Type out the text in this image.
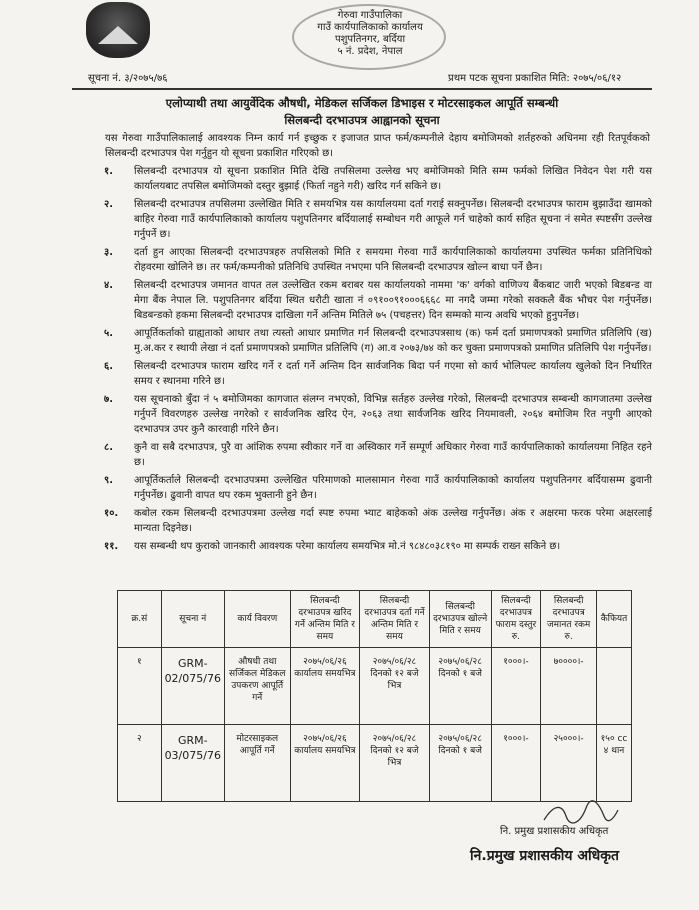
गेरुवा गाउँपालिका
गाउँ कार्यपालिकाको कार्यालय
पशुपतिनगर, बर्दिया
५ नं. प्रदेश, नेपाल
सूचना नं. ३/२०७५/७६	प्रथम पटक सूचना प्रकाशित मिति: २०७५/०६/१२
एलोप्याथी तथा आयुर्वेदिक औषधी, मेडिकल सर्जिकल डिभाइस र मोटरसाइकल आपूर्ति सम्बन्धी
सिलबन्दी दरभाउपत्र आह्वानको सूचना
यस गेरुवा गाउँपालिकालाई आवश्यक निम्न कार्य गर्न इच्छुक र इजाजत प्राप्त फर्म/कम्पनीले देहाय बमोजिमको शर्तहरुको अधिनमा रही रितपूर्वकको सिलबन्दी दरभाउपत्र पेश गर्नुहुन यो सूचना प्रकाशित गरिएको छ।
१.	सिलबन्दी दरभाउपत्र यो सूचना प्रकाशित मिति देखि तपसिलमा उल्लेख भए बमोजिमको मिति सम्म फर्मको लिखित निवेदन पेश गरी यस कार्यालयबाट तपसिल बमोजिमको दस्तुर बुझाई (फिर्ता नहुने गरी) खरिद गर्न सकिने छ।
२.	सिलबन्दी दरभाउपत्र तपसिलमा उल्लेखित मिति र समयभित्र यस कार्यालयमा दर्ता गराई सक्नुपर्नेछ। सिलबन्दी दरभाउपत्र फाराम बुझाउँदा खामको बाहिर गेरुवा गाउँ कार्यपालिकाको कार्यालय पशुपतिनगर बर्दियालाई सम्बोधन गरी आफूले गर्न चाहेको कार्य सहित सूचना नं समेत स्पष्टसँग उल्लेख गर्नुपर्ने छ।
३.	दर्ता हुन आएका सिलबन्दी दरभाउपत्रहरु तपसिलको मिति र समयमा गेरुवा गाउँ कार्यपालिकाको कार्यालयमा उपस्थित फर्मका प्रतिनिधिको रोहवरमा खोलिने छ। तर फर्म/कम्पनीको प्रतिनिधि उपस्थित नभएमा पनि सिलबन्दी दरभाउपत्र खोल्न बाधा पर्ने छैन।
४.	सिलबन्दी दरभाउपत्र जमानत वापत तल उल्लेखित रकम बराबर यस कार्यालयको नाममा 'क' वर्गको वाणिज्य बैंकबाट जारी भएको बिडबन्ड वा मेगा बैंक नेपाल लि. पशुपतिनगर बर्दिया स्थित धरौटी खाता नं ०९१००९१०००६६६८ मा नगदै जम्मा गरेको सक्कलै बैंक भौचर पेश गर्नुपर्नेछ। बिडबन्डको हकमा सिलबन्दी दरभाउपत्र दाखिला गर्ने अन्तिम मितिले ७५ (पचहत्तर) दिन सम्मको मान्य अवधि भएको हुनुपर्नेछ।
५.	आपूर्तिकर्ताको ग्राह्यताको आधार तथा त्यस्तो आधार प्रमाणित गर्न सिलबन्दी दरभाउपत्रसाथ (क) फर्म दर्ता प्रमाणपत्रको प्रमाणित प्रतिलिपि (ख) मु.अ.कर र स्थायी लेखा नं दर्ता प्रमाणपत्रको प्रमाणित प्रतिलिपि (ग) आ.व २०७३/७४ को कर चुक्ता प्रमाणपत्रको प्रमाणित प्रतिलिपि पेश गर्नुपर्नेछ।
६.	सिलबन्दी दरभाउपत्र फाराम खरिद गर्ने र दर्ता गर्ने अन्तिम दिन सार्वजनिक बिदा पर्न गएमा सो कार्य भोलिपल्ट कार्यालय खुलेको दिन निर्धारित समय र स्थानमा गरिने छ।
७.	यस सूचनाको बुँदा नं ५ बमोजिमका कागजात संलग्न नभएको, विभिन्न सर्तहरु उल्लेख गरेको, सिलबन्दी दरभाउपत्र सम्बन्धी कागजातमा उल्लेख गर्नुपर्ने विवरणहरु उल्लेख नगरेको र सार्वजनिक खरिद ऐन, २०६३ तथा सार्वजनिक खरिद नियमावली, २०६४ बमोजिम रित नपुगी आएको दरभाउपत्र उपर कुनै कारवाही गरिने छैन।
८.	कुनै वा सबै दरभाउपत्र, पुरै वा आंशिक रुपमा स्वीकार गर्ने वा अस्विकार गर्ने सम्पूर्ण अधिकार गेरुवा गाउँ कार्यपालिकाको कार्यालयमा निहित रहने छ।
९.	आपूर्तिकर्ताले सिलबन्दी दरभाउपत्रमा उल्लेखित परिमाणको मालसामान गेरुवा गाउँ कार्यपालिकाको कार्यालय पशुपतिनगर बर्दियासम्म ढुवानी गर्नुपर्नेछ। ढुवानी वापत थप रकम भुक्तानी हुने छैन।
१०.	कबोल रकम सिलबन्दी दरभाउपत्रमा उल्लेख गर्दा स्पष्ट रुपमा भ्याट बाहेकको अंक उल्लेख गर्नुपर्नेछ। अंक र अक्षरमा फरक परेमा अक्षरलाई मान्यता दिइनेछ।
११.	यस सम्बन्धी थप कुराको जानकारी आवश्यक परेमा कार्यालय समयभित्र मो.नं ९८४८०३८१९० मा सम्पर्क राख्न सकिने छ।
क्र.सं	सूचना नं	कार्य विवरण	सिलबन्दी दरभाउपत्र खरिद गर्ने अन्तिम मिति र समय	सिलबन्दी दरभाउपत्र दर्ता गर्ने अन्तिम मिति र समय	सिलबन्दी दरभाउपत्र खोल्ने मिति र समय	सिलबन्दी दरभाउपत्र फाराम दस्तुर रु.	सिलबन्दी दरभाउपत्र जमानत रकम रु.	कैफियत
१	GRM-02/075/76	औषधी तथा सर्जिकल मेडिकल उपकरण आपूर्ति गर्ने	२०७५/०६/२६ कार्यालय समयभित्र	२०७५/०६/२८ दिनको १२ बजे भित्र	२०७५/०६/२८ दिनको १ बजे	१०००।-	७००००।-	
२	GRM-03/075/76	मोटरसाइकल आपूर्ति गर्ने	२०७५/०६/२६ कार्यालय समयभित्र	२०७५/०६/२८ दिनको १२ बजे भित्र	२०७५/०६/२८ दिनको १ बजे	१०००।-	२५०००।-	१५० cc ४ थान
नि. प्रमुख प्रशासकीय अधिकृत
नि.प्रमुख प्रशासकीय अधिकृत
